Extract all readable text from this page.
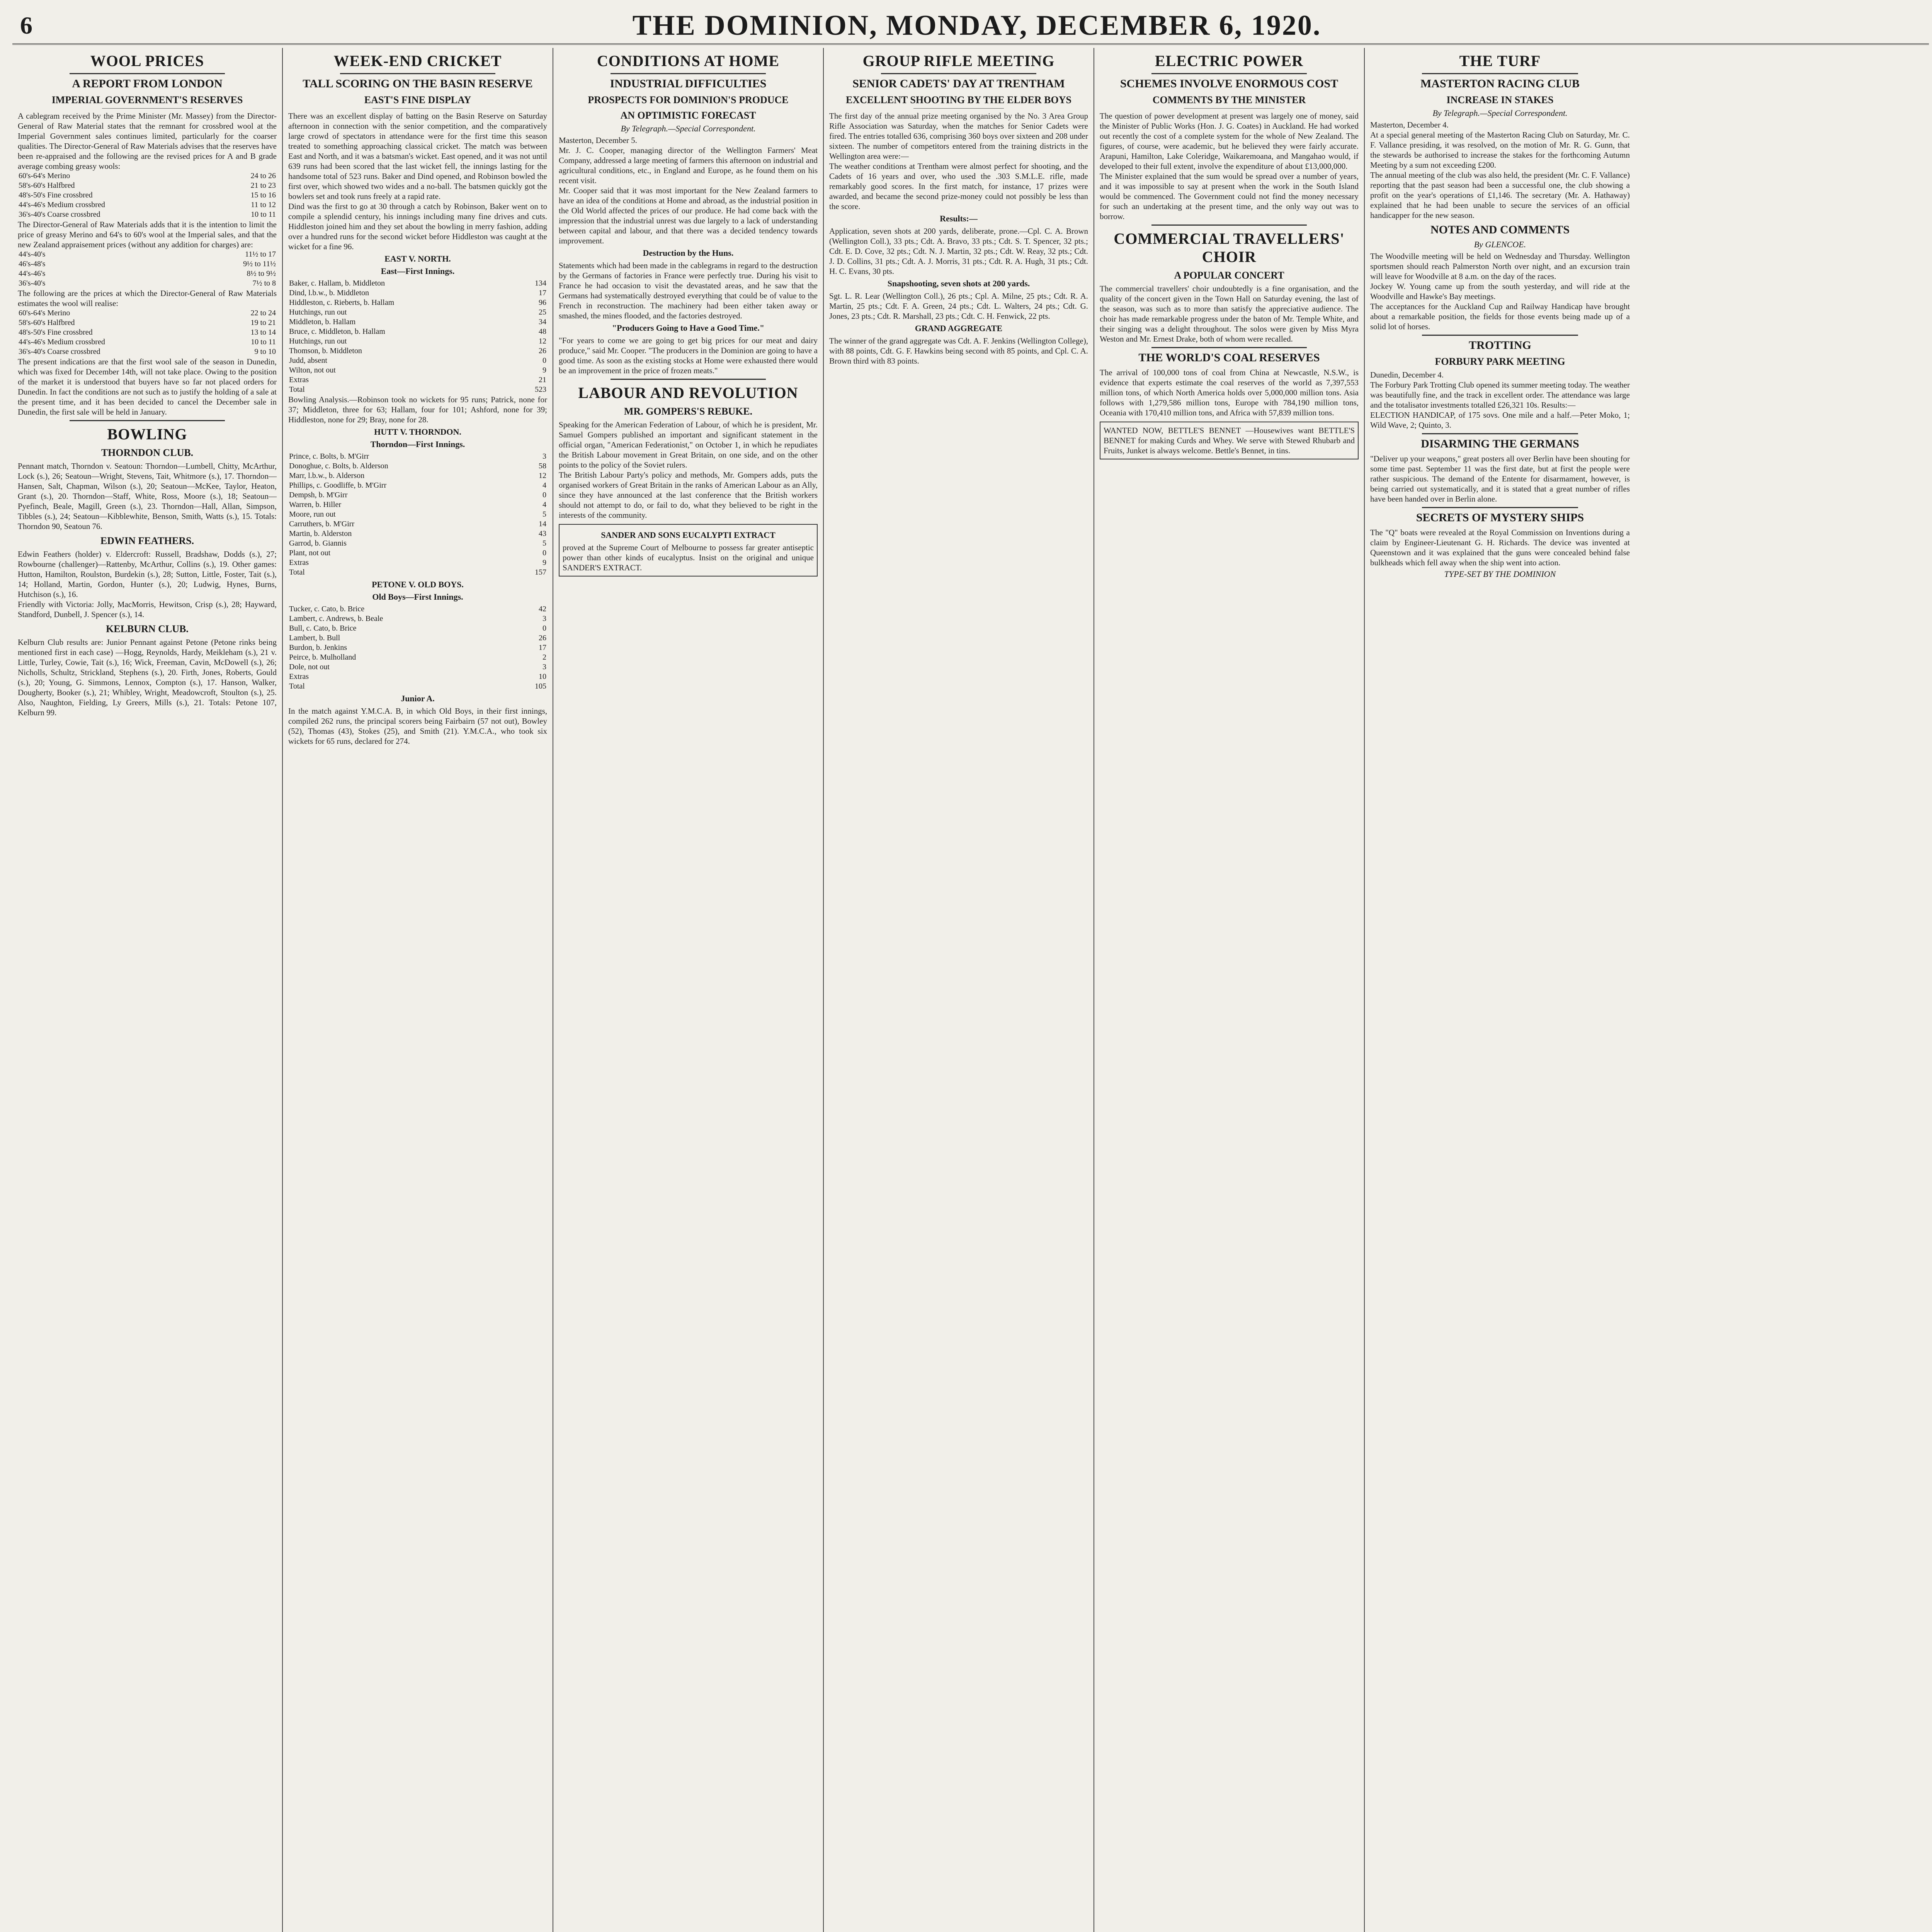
6	THE DOMINION, MONDAY, DECEMBER 6, 1920.
WOOL PRICES
A REPORT FROM LONDON
IMPERIAL GOVERNMENT'S RESERVES
A cablegram received by the Prime Minister (Mr. Massey) from the Director-General of Raw Material states that the remnant for crossbred wool at the Imperial Government sales continues limited, particularly for the coarser qualities. The Director-General of Raw Materials advises that the reserves have been re-appraised and the following are the revised prices for A and B grade average combing greasy wools:
60's-64's Merino	24 to 26
58's-60's Halfbred	21 to 23
48's-50's Fine crossbred	15 to 16
44's-46's Medium crossbred	11 to 12
36's-40's Coarse crossbred	10 to 11
The Director-General of Raw Materials adds that it is the intention to limit the price of greasy Merino and 64's to 60's wool at the Imperial sales, and that the new Zealand appraisement prices (without any addition for charges) are:
44's-40's	11½ to 17
46's-48's	9½ to 11½
44's-46's	8½ to 9½
36's-40's	7½ to 8
The following are the prices at which the Director-General of Raw Materials estimates the wool will realise:
60's-64's Merino	22 to 24
58's-60's Halfbred	19 to 21
48's-50's Fine crossbred	13 to 14
44's-46's Medium crossbred	10 to 11
36's-40's Coarse crossbred	9 to 10
The present indications are that the first wool sale of the season in Dunedin, which was fixed for December 14th, will not take place. Owing to the position of the market it is understood that buyers have so far not placed orders for Dunedin. In fact the conditions are not such as to justify the holding of a sale at the present time, and it has been decided to cancel the December sale in Dunedin, the first sale will be held in January.
BOWLING
THORNDON CLUB.
Pennant match, Thorndon v. Seatoun: Thorndon—Lumbell, Chitty, McArthur, Lock (s.), 26; Seatoun—Wright, Stevens, Tait, Whitmore (s.), 17. Thorndon—Hansen, Salt, Chapman, Wilson (s.), 20; Seatoun—McKee, Taylor, Heaton, Grant (s.), 20. Thorndon—Staff, White, Ross, Moore (s.), 18; Seatoun—Pyefinch, Beale, Magill, Green (s.), 23. Thorndon—Hall, Allan, Simpson, Tibbles (s.), 24; Seatoun—Kibblewhite, Benson, Smith, Watts (s.), 15. Totals: Thorndon 90, Seatoun 76.
EDWIN FEATHERS.
Edwin Feathers (holder) v. Eldercroft: Russell, Bradshaw, Dodds (s.), 27; Rowbourne (challenger)—Rattenby, McArthur, Collins (s.), 19. Other games: Hutton, Hamilton, Roulston, Burdekin (s.), 28; Sutton, Little, Foster, Tait (s.), 14; Holland, Martin, Gordon, Hunter (s.), 20; Ludwig, Hynes, Burns, Hutchison (s.), 16.
Friendly with Victoria: Jolly, MacMorris, Hewitson, Crisp (s.), 28; Hayward, Standford, Dunbell, J. Spencer (s.), 14.
KELBURN CLUB.
Kelburn Club results are: Junior Pennant against Petone (Petone rinks being mentioned first in each case) —Hogg, Reynolds, Hardy, Meikleham (s.), 21 v. Little, Turley, Cowie, Tait (s.), 16; Wick, Freeman, Cavin, McDowell (s.), 26; Nicholls, Schultz, Strickland, Stephens (s.), 20. Firth, Jones, Roberts, Gould (s.), 20; Young, G. Simmons, Lennox, Compton (s.), 17. Hanson, Walker, Dougherty, Booker (s.), 21; Whibley, Wright, Meadowcroft, Stoulton (s.), 25. Also, Naughton, Fielding, Ly Greers, Mills (s.), 21. Totals: Petone 107, Kelburn 99.
WEEK-END CRICKET
TALL SCORING ON THE BASIN RESERVE
EAST'S FINE DISPLAY
There was an excellent display of batting on the Basin Reserve on Saturday afternoon in connection with the senior competition, and the comparatively large crowd of spectators in attendance were for the first time this season treated to something approaching classical cricket. The match was between East and North, and it was a batsman's wicket. East opened, and it was not until 639 runs had been scored that the last wicket fell, the innings lasting for the handsome total of 523 runs. Baker and Dind opened, and Robinson bowled the first over, which showed two wides and a no-ball. The batsmen quickly got the bowlers set and took runs freely at a rapid rate.
Dind was the first to go at 30 through a catch by Robinson, Baker went on to compile a splendid century, his innings including many fine drives and cuts. Hiddleston joined him and they set about the bowling in merry fashion, adding over a hundred runs for the second wicket before Hiddleston was caught at the wicket for a fine 96.
EAST V. NORTH.
East—First Innings.
Baker, c. Hallam, b. Middleton	134
Dind, l.b.w., b. Middleton	17
Hiddleston, c. Rieberts, b. Hallam	96
Hutchings, run out	25
Middleton, b. Hallam	34
Bruce, c. Middleton, b. Hallam	48
Hutchings, run out	12
Thomson, b. Middleton	26
Judd, absent	0
Wilton, not out	9
Extras	21
Total	523
Bowling Analysis.—Robinson took no wickets for 95 runs; Patrick, none for 37; Middleton, three for 63; Hallam, four for 101; Ashford, none for 39; Hiddleston, none for 29; Bray, none for 28.
HUTT V. THORNDON.
Thorndon—First Innings.
Prince, c. Bolts, b. M'Girr	3
Donoghue, c. Bolts, b. Alderson	58
Marr, l.b.w., b. Alderson	12
Phillips, c. Goodliffe, b. M'Girr	4
Dempsh, b. M'Girr	0
Warren, b. Hiller	4
Moore, run out	5
Carruthers, b. M'Girr	14
Martin, b. Alderston	43
Garrod, b. Giannis	5
Plant, not out	0
Extras	9
Total	157
PETONE V. OLD BOYS.
Old Boys—First Innings.
Tucker, c. Cato, b. Brice	42
Lambert, c. Andrews, b. Beale	3
Bull, c. Cato, b. Brice	0
Lambert, b. Bull	26
Burdon, b. Jenkins	17
Peirce, b. Mulholland	2
Dole, not out	3
Extras	10
Total	105
Junior A.
In the match against Y.M.C.A. B, in which Old Boys, in their first innings, compiled 262 runs, the principal scorers being Fairbairn (57 not out), Bowley (52), Thomas (43), Stokes (25), and Smith (21). Y.M.C.A., who took six wickets for 65 runs, declared for 274.
CONDITIONS AT HOME
INDUSTRIAL DIFFICULTIES
PROSPECTS FOR DOMINION'S PRODUCE
AN OPTIMISTIC FORECAST
By Telegraph.—Special Correspondent.
Masterton, December 5.
Mr. J. C. Cooper, managing director of the Wellington Farmers' Meat Company, addressed a large meeting of farmers this afternoon on industrial and agricultural conditions, etc., in England and Europe, as he found them on his recent visit.
Mr. Cooper said that it was most important for the New Zealand farmers to have an idea of the conditions at Home and abroad, as the industrial position in the Old World affected the prices of our produce. He had come back with the impression that the industrial unrest was due largely to a lack of understanding between capital and labour, and that there was a decided tendency towards improvement.
Destruction by the Huns.
Statements which had been made in the cablegrams in regard to the destruction by the Germans of factories in France were perfectly true. During his visit to France he had occasion to visit the devastated areas, and he saw that the Germans had systematically destroyed everything that could be of value to the French in reconstruction. The machinery had been either taken away or smashed, the mines flooded, and the factories destroyed.
"Producers Going to Have a Good Time."
"For years to come we are going to get big prices for our meat and dairy produce," said Mr. Cooper. "The producers in the Dominion are going to have a good time. As soon as the existing stocks at Home were exhausted there would be an improvement in the price of frozen meats."
LABOUR AND REVOLUTION
MR. GOMPERS'S REBUKE.
Speaking for the American Federation of Labour, of which he is president, Mr. Samuel Gompers published an important and significant statement in the official organ, "American Federationist," on October 1, in which he repudiates the British Labour movement in Great Britain, on one side, and on the other points to the policy of the Soviet rulers.
The British Labour Party's policy and methods, Mr. Gompers adds, puts the organised workers of Great Britain in the ranks of American Labour as an Ally, since they have announced at the last conference that the British workers should not attempt to do, or fail to do, what they believed to be right in the interests of the community.
SANDER AND SONS EUCALYPTI EXTRACT
proved at the Supreme Court of Melbourne to possess far greater antiseptic power than other kinds of eucalyptus. Insist on the original and unique SANDER'S EXTRACT.
GROUP RIFLE MEETING
SENIOR CADETS' DAY AT TRENTHAM
EXCELLENT SHOOTING BY THE ELDER BOYS
The first day of the annual prize meeting organised by the No. 3 Area Group Rifle Association was Saturday, when the matches for Senior Cadets were fired. The entries totalled 636, comprising 360 boys over sixteen and 208 under sixteen. The number of competitors entered from the training districts in the Wellington area were:—
The weather conditions at Trentham were almost perfect for shooting, and the Cadets of 16 years and over, who used the .303 S.M.L.E. rifle, made remarkably good scores. In the first match, for instance, 17 prizes were awarded, and became the second prize-money could not possibly be less than the score.
Results:—
Application, seven shots at 200 yards, deliberate, prone.—Cpl. C. A. Brown (Wellington Coll.), 33 pts.; Cdt. A. Bravo, 33 pts.; Cdt. S. T. Spencer, 32 pts.; Cdt. E. D. Cove, 32 pts.; Cdt. N. J. Martin, 32 pts.; Cdt. W. Reay, 32 pts.; Cdt. J. D. Collins, 31 pts.; Cdt. A. J. Morris, 31 pts.; Cdt. R. A. Hugh, 31 pts.; Cdt. H. C. Evans, 30 pts.
Snapshooting, seven shots at 200 yards.
Sgt. L. R. Lear (Wellington Coll.), 26 pts.; Cpl. A. Milne, 25 pts.; Cdt. R. A. Martin, 25 pts.; Cdt. F. A. Green, 24 pts.; Cdt. L. Walters, 24 pts.; Cdt. G. Jones, 23 pts.; Cdt. R. Marshall, 23 pts.; Cdt. C. H. Fenwick, 22 pts.
GRAND AGGREGATE
The winner of the grand aggregate was Cdt. A. F. Jenkins (Wellington College), with 88 points, Cdt. G. F. Hawkins being second with 85 points, and Cpl. C. A. Brown third with 83 points.
ELECTRIC POWER
SCHEMES INVOLVE ENORMOUS COST
COMMENTS BY THE MINISTER
The question of power development at present was largely one of money, said the Minister of Public Works (Hon. J. G. Coates) in Auckland. He had worked out recently the cost of a complete system for the whole of New Zealand. The figures, of course, were academic, but he believed they were fairly accurate. Arapuni, Hamilton, Lake Coleridge, Waikaremoana, and Mangahao would, if developed to their full extent, involve the expenditure of about £13,000,000.
The Minister explained that the sum would be spread over a number of years, and it was impossible to say at present when the work in the South Island would be commenced. The Government could not find the money necessary for such an undertaking at the present time, and the only way out was to borrow.
COMMERCIAL TRAVELLERS' CHOIR
A POPULAR CONCERT
The commercial travellers' choir undoubtedly is a fine organisation, and the quality of the concert given in the Town Hall on Saturday evening, the last of the season, was such as to more than satisfy the appreciative audience. The choir has made remarkable progress under the baton of Mr. Temple White, and their singing was a delight throughout. The solos were given by Miss Myra Weston and Mr. Ernest Drake, both of whom were recalled.
THE WORLD'S COAL RESERVES
The arrival of 100,000 tons of coal from China at Newcastle, N.S.W., is evidence that experts estimate the coal reserves of the world as 7,397,553 million tons, of which North America holds over 5,000,000 million tons. Asia follows with 1,279,586 million tons, Europe with 784,190 million tons, Oceania with 170,410 million tons, and Africa with 57,839 million tons.
WANTED NOW, BETTLE'S BENNET —Housewives want BETTLE'S BENNET for making Curds and Whey. We serve with Stewed Rhubarb and Fruits, Junket is always welcome. Bettle's Bennet, in tins.
THE TURF
MASTERTON RACING CLUB
INCREASE IN STAKES
By Telegraph.—Special Correspondent.
Masterton, December 4.
At a special general meeting of the Masterton Racing Club on Saturday, Mr. C. F. Vallance presiding, it was resolved, on the motion of Mr. R. G. Gunn, that the stewards be authorised to increase the stakes for the forthcoming Autumn Meeting by a sum not exceeding £200.
The annual meeting of the club was also held, the president (Mr. C. F. Vallance) reporting that the past season had been a successful one, the club showing a profit on the year's operations of £1,146. The secretary (Mr. A. Hathaway) explained that he had been unable to secure the services of an official handicapper for the new season.
NOTES AND COMMENTS
By GLENCOE.
The Woodville meeting will be held on Wednesday and Thursday. Wellington sportsmen should reach Palmerston North over night, and an excursion train will leave for Woodville at 8 a.m. on the day of the races.
Jockey W. Young came up from the south yesterday, and will ride at the Woodville and Hawke's Bay meetings.
The acceptances for the Auckland Cup and Railway Handicap have brought about a remarkable position, the fields for those events being made up of a solid lot of horses.
TROTTING
FORBURY PARK MEETING
Dunedin, December 4.
The Forbury Park Trotting Club opened its summer meeting today. The weather was beautifully fine, and the track in excellent order. The attendance was large and the totalisator investments totalled £26,321 10s. Results:—
ELECTION HANDICAP, of 175 sovs. One mile and a half.—Peter Moko, 1; Wild Wave, 2; Quinto, 3.
DISARMING THE GERMANS
"Deliver up your weapons," great posters all over Berlin have been shouting for some time past. September 11 was the first date, but at first the people were rather suspicious. The demand of the Entente for disarmament, however, is being carried out systematically, and it is stated that a great number of rifles have been handed over in Berlin alone.
SECRETS OF MYSTERY SHIPS
The "Q" boats were revealed at the Royal Commission on Inventions during a claim by Engineer-Lieutenant G. H. Richards. The device was invented at Queenstown and it was explained that the guns were concealed behind false bulkheads which fell away when the ship went into action.
TYPE-SET BY THE DOMINION
